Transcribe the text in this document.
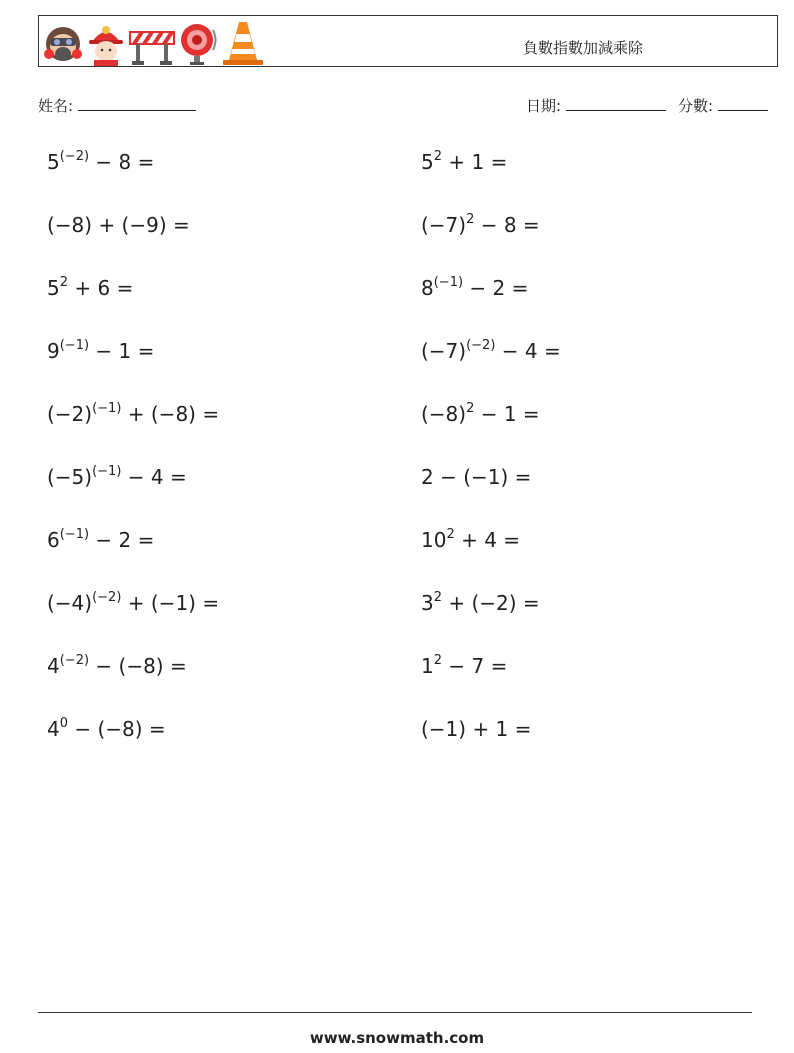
負數指數加減乘除
姓名:	日期:	分數:
$5^{(-2)} - 8$ =	$5^2 + 1$ =
(−8) + (−9) =	$(-7)^2 - 8$ =
$5^2 + 6$ =	$8^{(-1)} - 2$ =
$9^{(-1)} - 1$ =	$(-7)^{(-2)} - 4$ =
$(-2)^{(-1)} + (-8)$ =	$(-8)^2 - 1$ =
$(-5)^{(-1)} - 4$ =	2 − (−1) =
$6^{(-1)} - 2$ =	$10^2 + 4$ =
$(-4)^{(-2)} + (-1)$ =	$3^2 + (-2)$ =
$4^{(-2)} - (-8)$ =	$1^2 - 7$ =
$4^0 - (-8)$ =	(−1) + 1 =
www.snowmath.com
